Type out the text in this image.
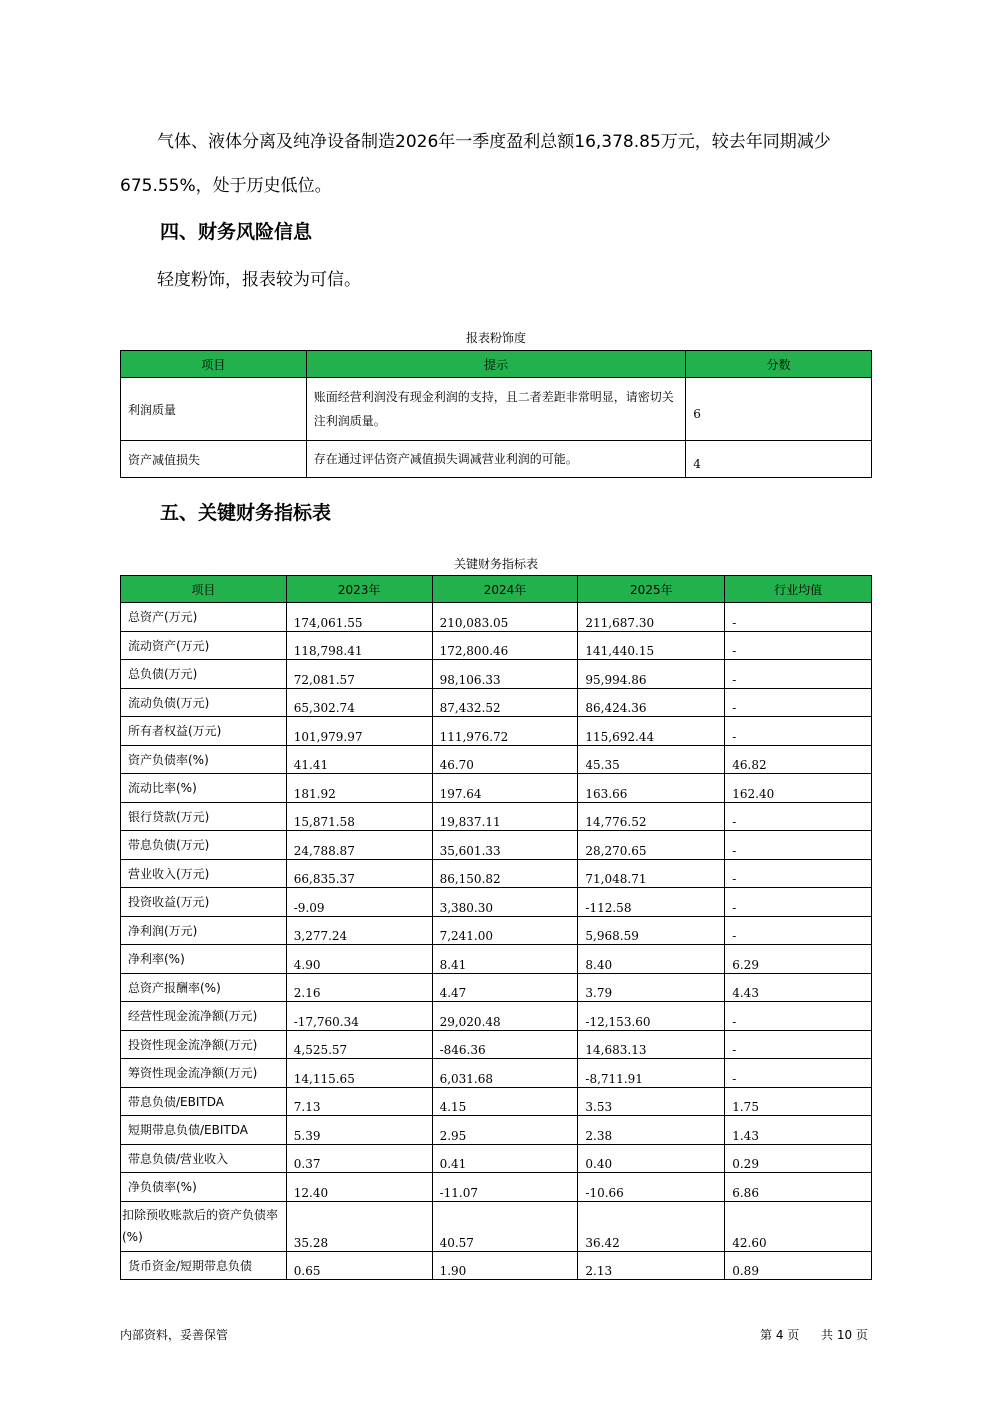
气体、液体分离及纯净设备制造2026年一季度盈利总额16,378.85万元，较去年同期减少
675.55%，处于历史低位。
四、财务风险信息
轻度粉饰，报表较为可信。
报表粉饰度
项目	提示	分数
利润质量	账面经营利润没有现金利润的支持，且二者差距非常明显，请密切关注利润质量。	6
资产减值损失	存在通过评估资产减值损失调减营业利润的可能。	4
五、关键财务指标表
关键财务指标表
项目	2023年	2024年	2025年	行业均值
总资产(万元)	174,061.55	210,083.05	211,687.30	-
流动资产(万元)	118,798.41	172,800.46	141,440.15	-
总负债(万元)	72,081.57	98,106.33	95,994.86	-
流动负债(万元)	65,302.74	87,432.52	86,424.36	-
所有者权益(万元)	101,979.97	111,976.72	115,692.44	-
资产负债率(%)	41.41	46.70	45.35	46.82
流动比率(%)	181.92	197.64	163.66	162.40
银行贷款(万元)	15,871.58	19,837.11	14,776.52	-
带息负债(万元)	24,788.87	35,601.33	28,270.65	-
营业收入(万元)	66,835.37	86,150.82	71,048.71	-
投资收益(万元)	-9.09	3,380.30	-112.58	-
净利润(万元)	3,277.24	7,241.00	5,968.59	-
净利率(%)	4.90	8.41	8.40	6.29
总资产报酬率(%)	2.16	4.47	3.79	4.43
经营性现金流净额(万元)	-17,760.34	29,020.48	-12,153.60	-
投资性现金流净额(万元)	4,525.57	-846.36	14,683.13	-
筹资性现金流净额(万元)	14,115.65	6,031.68	-8,711.91	-
带息负债/EBITDA	7.13	4.15	3.53	1.75
短期带息负债/EBITDA	5.39	2.95	2.38	1.43
带息负债/营业收入	0.37	0.41	0.40	0.29
净负债率(%)	12.40	-11.07	-10.66	6.86
扣除预收账款后的资产负债率(%)	35.28	40.57	36.42	42.60
货币资金/短期带息负债	0.65	1.90	2.13	0.89
内部资料，妥善保管	第 4 页 共 10 页
